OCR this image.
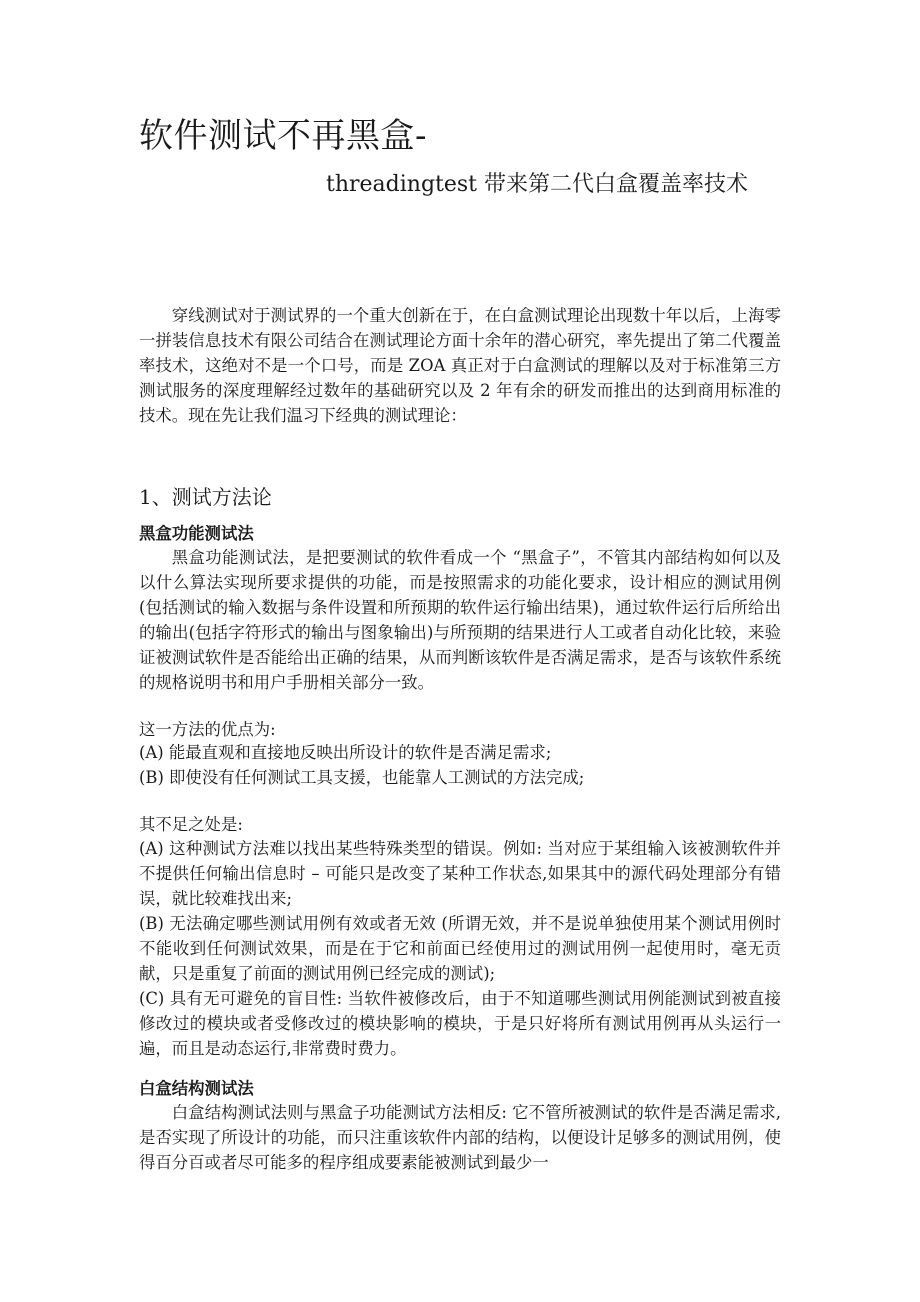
软件测试不再黑盒-
threadingtest 带来第二代白盒覆盖率技术

穿线测试对于测试界的一个重大创新在于，在白盒测试理论出现数十年以后，上海零一拼装信息技术有限公司结合在测试理论方面十余年的潜心研究，率先提出了第二代覆盖率技术，这绝对不是一个口号，而是 ZOA 真正对于白盒测试的理解以及对于标准第三方测试服务的深度理解经过数年的基础研究以及 2 年有余的研发而推出的达到商用标准的技术。现在先让我们温习下经典的测试理论：

1、测试方法论
黑盒功能测试法

黑盒功能测试法，是把要测试的软件看成一个 “黑盒子”，不管其内部结构如何以及以什么算法实现所要求提供的功能，而是按照需求的功能化要求，设计相应的测试用例(包括测试的输入数据与条件设置和所预期的软件运行输出结果)，通过软件运行后所给出的输出(包括字符形式的输出与图象输出)与所预期的结果进行人工或者自动化比较，来验证被测试软件是否能给出正确的结果，从而判断该软件是否满足需求，是否与该软件系统的规格说明书和用户手册相关部分一致。

这一方法的优点为:

(A) 能最直观和直接地反映出所设计的软件是否满足需求;
(B) 即使没有任何测试工具支援，也能靠人工测试的方法完成;

其不足之处是:

(A) 这种测试方法难以找出某些特殊类型的错误。例如: 当对应于某组输入该被测软件并不提供任何输出信息时 – 可能只是改变了某种工作状态,如果其中的源代码处理部分有错误，就比较难找出来;
(B) 无法确定哪些测试用例有效或者无效 (所谓无效，并不是说单独使用某个测试用例时不能收到任何测试效果，而是在于它和前面已经使用过的测试用例一起使用时，毫无贡献，只是重复了前面的测试用例已经完成的测试);
(C) 具有无可避免的盲目性: 当软件被修改后，由于不知道哪些测试用例能测试到被直接修改过的模块或者受修改过的模块影响的模块，于是只好将所有测试用例再从头运行一遍，而且是动态运行,非常费时费力。
白盒结构测试法

白盒结构测试法则与黑盒子功能测试方法相反: 它不管所被测试的软件是否满足需求,是否实现了所设计的功能，而只注重该软件内部的结构，以便设计足够多的测试用例，使得百分百或者尽可能多的程序组成要素能被测试到最少一
